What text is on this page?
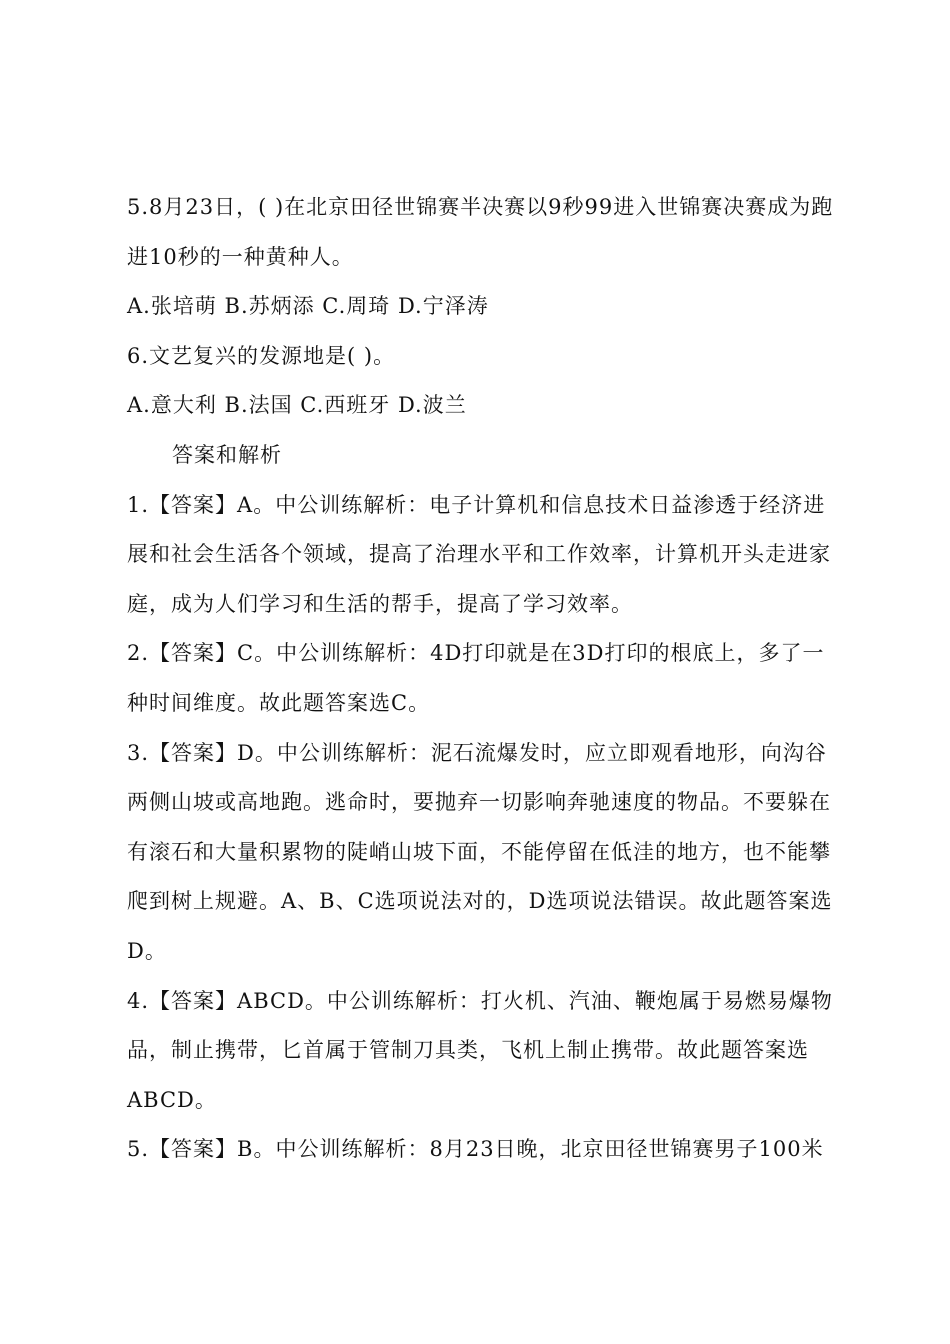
5.8月23日，( )在北京田径世锦赛半决赛以9秒99进入世锦赛决赛成为跑进10秒的一种黄种人。

A.张培萌 B.苏炳添 C.周琦 D.宁泽涛

6.文艺复兴的发源地是( )。

A.意大利 B.法国 C.西班牙 D.波兰

答案和解析

1.【答案】A。中公训练解析：电子计算机和信息技术日益渗透于经济进展和社会生活各个领域，提高了治理水平和工作效率，计算机开头走进家庭，成为人们学习和生活的帮手，提高了学习效率。

2.【答案】C。中公训练解析：4D打印就是在3D打印的根底上，多了一种时间维度。故此题答案选C。

3.【答案】D。中公训练解析：泥石流爆发时，应立即观看地形，向沟谷两侧山坡或高地跑。逃命时，要抛弃一切影响奔驰速度的物品。不要躲在有滚石和大量积累物的陡峭山坡下面，不能停留在低洼的地方，也不能攀爬到树上规避。A、B、C选项说法对的，D选项说法错误。故此题答案选D。

4.【答案】ABCD。中公训练解析：打火机、汽油、鞭炮属于易燃易爆物品，制止携带，匕首属于管制刀具类，飞机上制止携带。故此题答案选ABCD。

5.【答案】B。中公训练解析：8月23日晚，北京田径世锦赛男子100米
